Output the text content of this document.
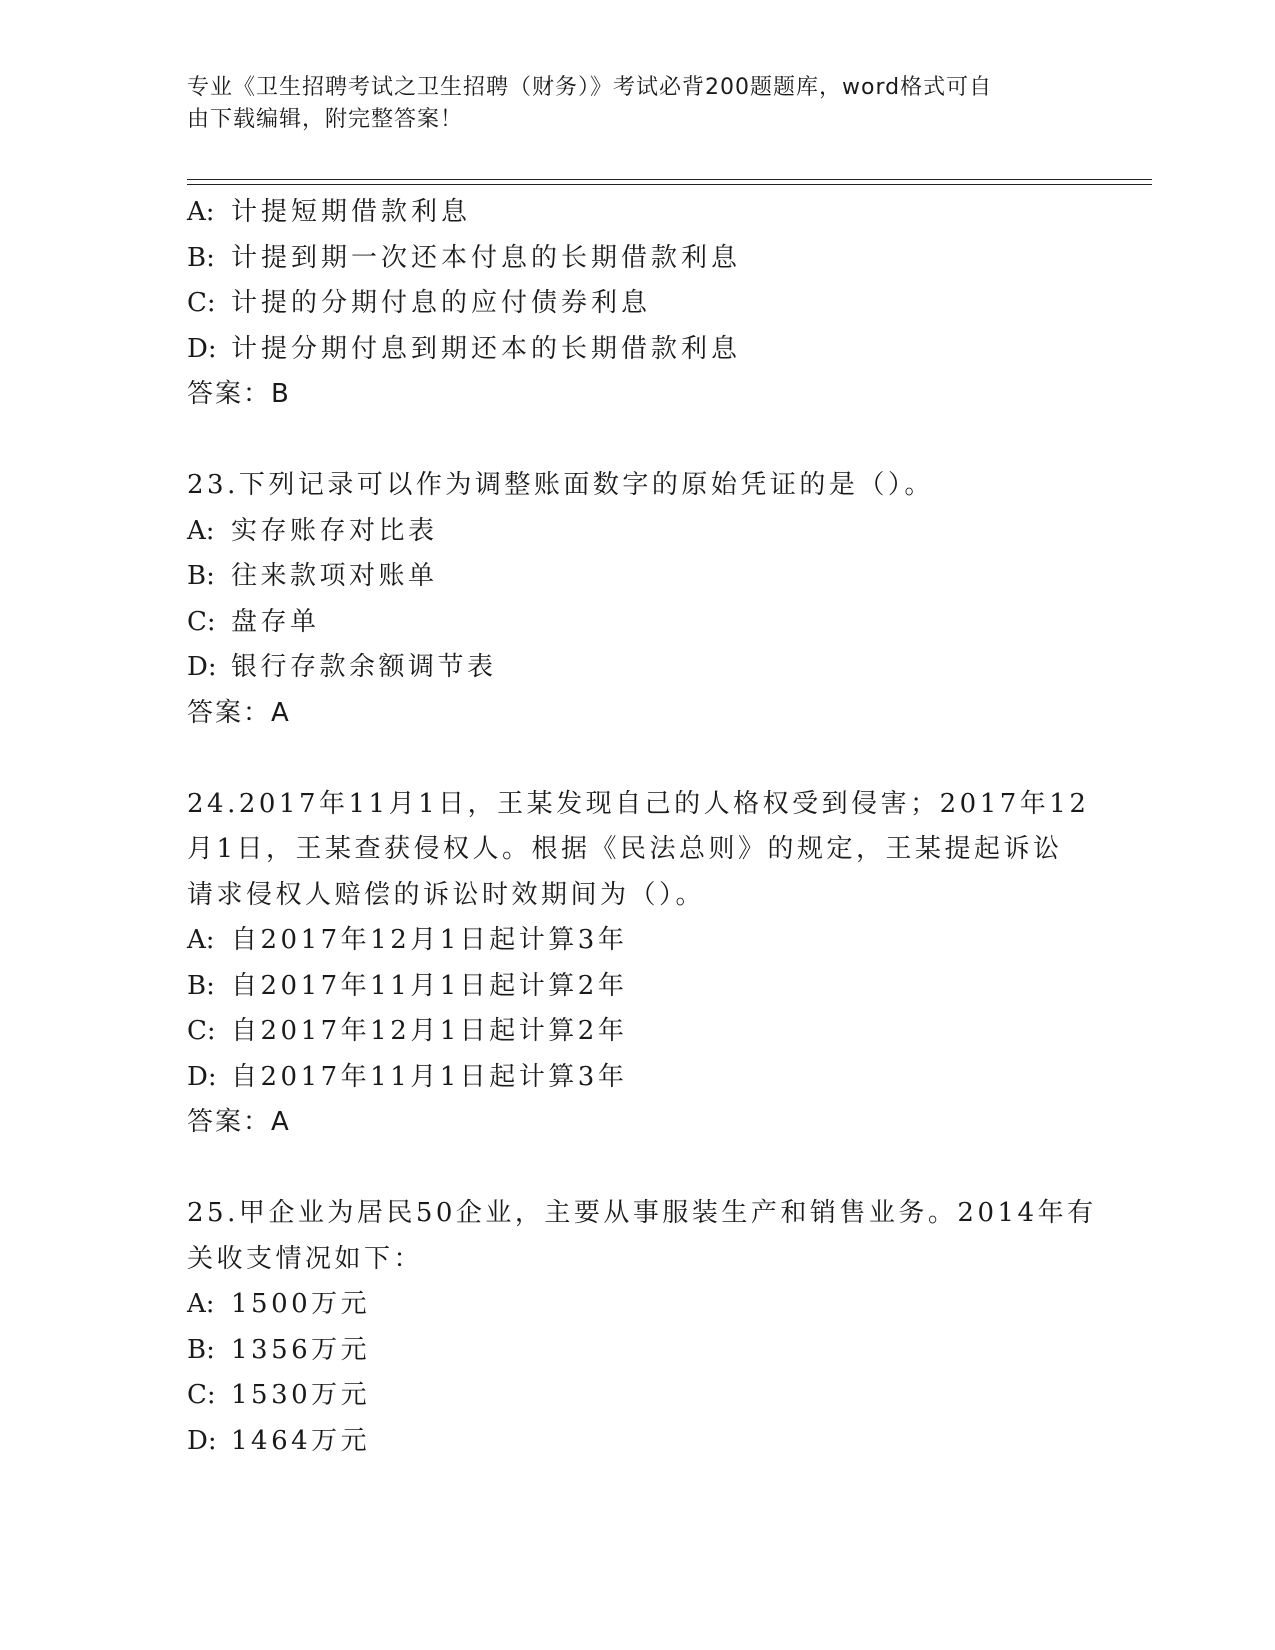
专业《卫生招聘考试之卫生招聘（财务）》考试必背200题题库，word格式可自
由下载编辑，附完整答案！
A: 计提短期借款利息
B: 计提到期一次还本付息的长期借款利息
C: 计提的分期付息的应付债券利息
D: 计提分期付息到期还本的长期借款利息
答案：B
23.下列记录可以作为调整账面数字的原始凭证的是（）。
A: 实存账存对比表
B: 往来款项对账单
C: 盘存单
D: 银行存款余额调节表
答案：A
24.2017年11月1日，王某发现自己的人格权受到侵害；2017年12
月1日，王某查获侵权人。根据《民法总则》的规定，王某提起诉讼
请求侵权人赔偿的诉讼时效期间为（）。
A: 自2017年12月1日起计算3年
B: 自2017年11月1日起计算2年
C: 自2017年12月1日起计算2年
D: 自2017年11月1日起计算3年
答案：A
25.甲企业为居民50企业，主要从事服装生产和销售业务。2014年有
关收支情况如下：
A: 1500万元
B: 1356万元
C: 1530万元
D: 1464万元
